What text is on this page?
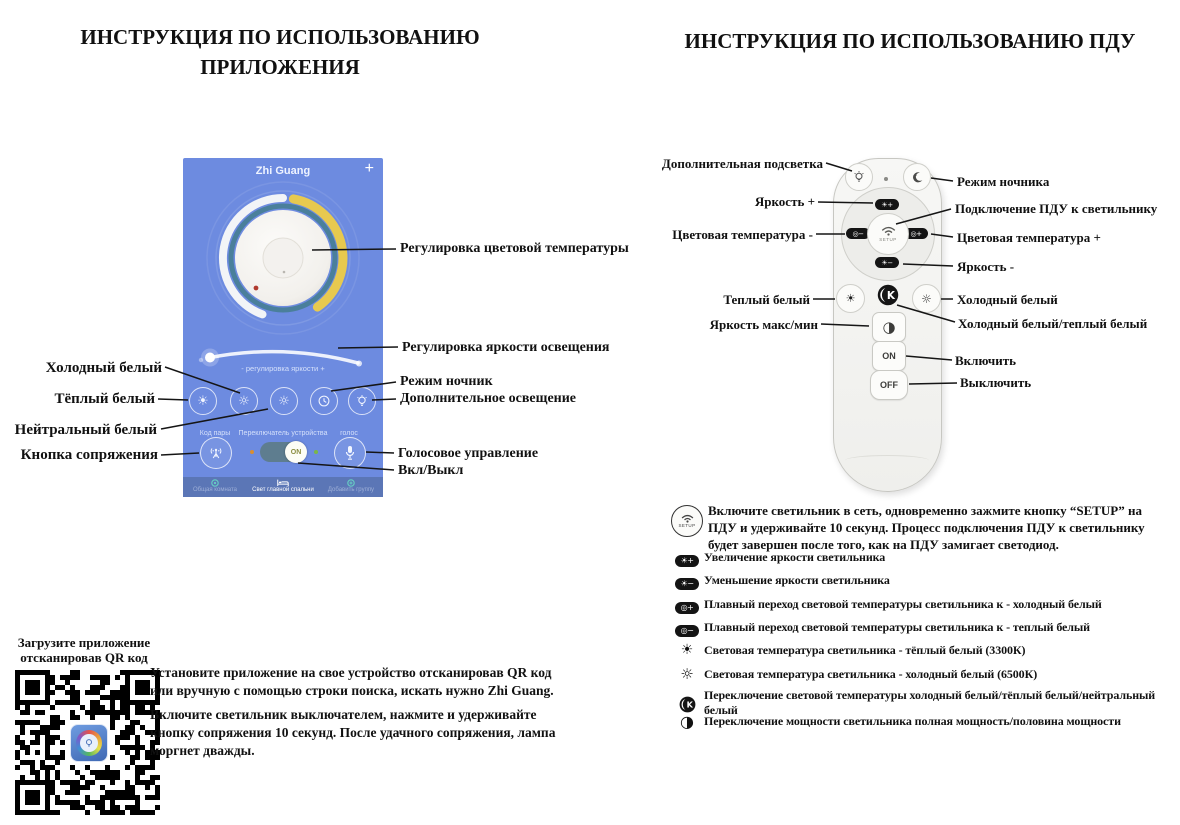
ИНСТРУКЦИЯ ПО ИСПОЛЬЗОВАНИЮ
ПРИЛОЖЕНИЯ
ИНСТРУКЦИЯ ПО ИСПОЛЬЗОВАНИЮ ПДУ
Zhi Guang	+
- регулировка яркости +
☀ ☼ ☼
Код пары	Переключатель устройства	голос
ON
Общая комната	Свет главной спальни	Добавить группу
☀+
◎−	◎+
☀−
SETUP
☀	K ☼
◑
ON
OFF
Холодный белый
Тёплый белый
Нейтральный белый
Кнопка сопряжения
Регулировка цветовой температуры
Регулировка яркости освещения
Режим ночник
Дополнительное освещение
Голосовое управление
Вкл/Выкл
Дополнительная подсветка
Яркость +
Цветовая температура -
Теплый белый
Яркость макс/мин
Режим ночника
Подключение ПДУ к светильнику
Цветовая температура +
Яркость -
Холодный белый
Холодный белый/теплый белый
Включить
Выключить
SETUP
Включите светильник в сеть, одновременно зажмите кнопку “SETUP” на ПДУ и удерживайте 10 секунд. Процесс подключения ПДУ к светильнику будет завершен после того, как на ПДУ замигает светодиод.
☀+ Увеличение яркости светильника
☀− Уменьшение яркости светильника
◎+ Плавный переход световой температуры светильника к - холодный белый
◎− Плавный переход световой температуры светильника к - теплый белый
☀ Световая температура светильника - тёплый белый (3300К)
☼ Световая температура светильника - холодный белый (6500К)
K
Переключение световой температуры холодный белый/тёплый белый/нейтральный белый
◑ Переключение мощности светильника полная мощность/половина мощности
Загрузите приложение
отсканировав QR код
Установите приложение на свое устройство отсканировав QR код или вручную с помощью строки поиска, искать нужно Zhi Guang.
Включите светильник выключателем, нажмите и удерживайте кнопку сопряжения 10 секунд. После удачного сопряжения, лампа моргнет дважды.
